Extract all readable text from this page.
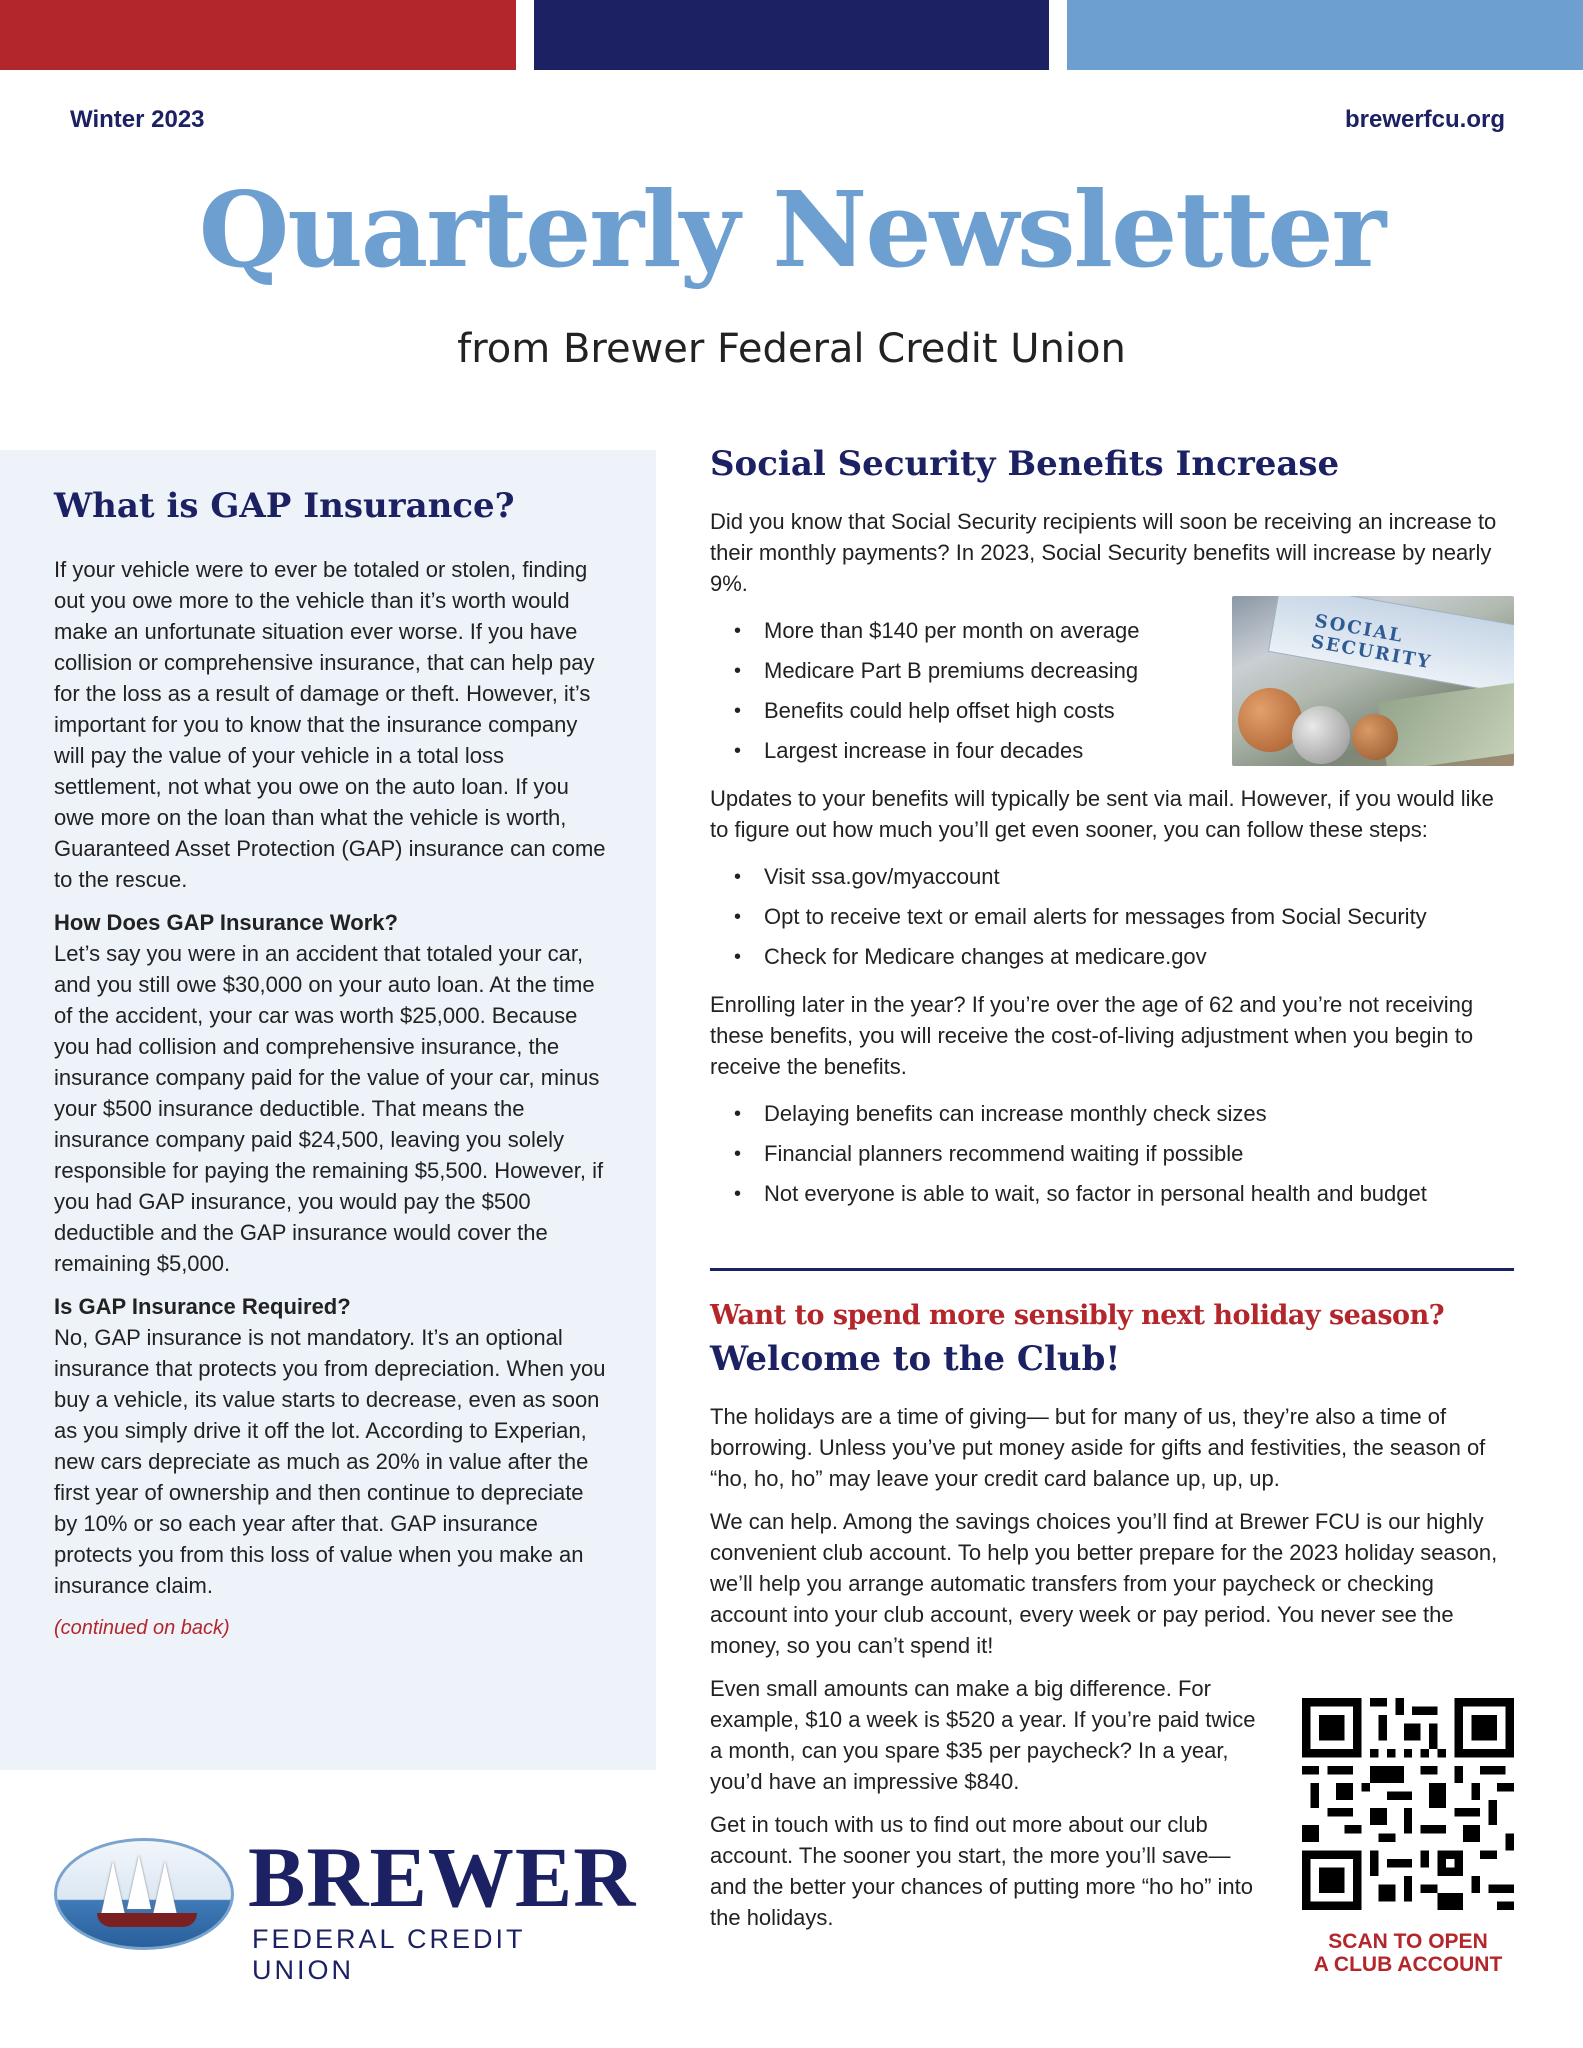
Winter 2023	brewerfcu.org
Quarterly Newsletter
from Brewer Federal Credit Union
What is GAP Insurance?

If your vehicle were to ever be totaled or stolen, finding out you owe more to the vehicle than it’s worth would make an unfortunate situation ever worse. If you have collision or comprehensive insurance, that can help pay for the loss as a result of damage or theft. However, it’s important for you to know that the insurance company will pay the value of your vehicle in a total loss settlement, not what you owe on the auto loan. If you owe more on the loan than what the vehicle is worth, Guaranteed Asset Protection (GAP) insurance can come to the rescue.

How Does GAP Insurance Work?

Let’s say you were in an accident that totaled your car, and you still owe $30,000 on your auto loan. At the time of the accident, your car was worth $25,000. Because you had collision and comprehensive insurance, the insurance company paid for the value of your car, minus your $500 insurance deductible. That means the insurance company paid $24,500, leaving you solely responsible for paying the remaining $5,500. However, if you had GAP insurance, you would pay the $500 deductible and the GAP insurance would cover the remaining $5,000.

Is GAP Insurance Required?

No, GAP insurance is not mandatory. It’s an optional insurance that protects you from depreciation. When you buy a vehicle, its value starts to decrease, even as soon as you simply drive it off the lot. According to Experian, new cars depreciate as much as 20% in value after the first year of ownership and then continue to depreciate by 10% or so each year after that. GAP insurance protects you from this loss of value when you make an insurance claim.

(continued on back)
Social Security Benefits Increase

Did you know that Social Security recipients will soon be receiving an increase to their monthly payments? In 2023, Social Security benefits will increase by nearly 9%.

• More than $140 per month on average
• Medicare Part B premiums decreasing
• Benefits could help offset high costs
• Largest increase in four decades

Updates to your benefits will typically be sent via mail. However, if you would like to figure out how much you’ll get even sooner, you can follow these steps:

• Visit ssa.gov/myaccount
• Opt to receive text or email alerts for messages from Social Security
• Check for Medicare changes at medicare.gov

Enrolling later in the year? If you’re over the age of 62 and you’re not receiving these benefits, you will receive the cost-of-living adjustment when you begin to receive the benefits.

• Delaying benefits can increase monthly check sizes
• Financial planners recommend waiting if possible
• Not everyone is able to wait, so factor in personal health and budget
SOCIAL SECURITY
Want to spend more sensibly next holiday season?
Welcome to the Club!

The holidays are a time of giving— but for many of us, they’re also a time of borrowing. Unless you’ve put money aside for gifts and festivities, the season of “ho, ho, ho” may leave your credit card balance up, up, up.

We can help. Among the savings choices you’ll find at Brewer FCU is our highly convenient club account. To help you better prepare for the 2023 holiday season, we’ll help you arrange automatic transfers from your paycheck or checking account into your club account, every week or pay period. You never see the money, so you can’t spend it!

Even small amounts can make a big difference. For example, $10 a week is $520 a year. If you’re paid twice a month, can you spare $35 per paycheck? In a year, you’d have an impressive $840.

Get in touch with us to find out more about our club account. The sooner you start, the more you’ll save— and the better your chances of putting more “ho ho” into the holidays.

SCAN TO OPEN
A CLUB ACCOUNT
BREWER
FEDERAL CREDIT UNION
